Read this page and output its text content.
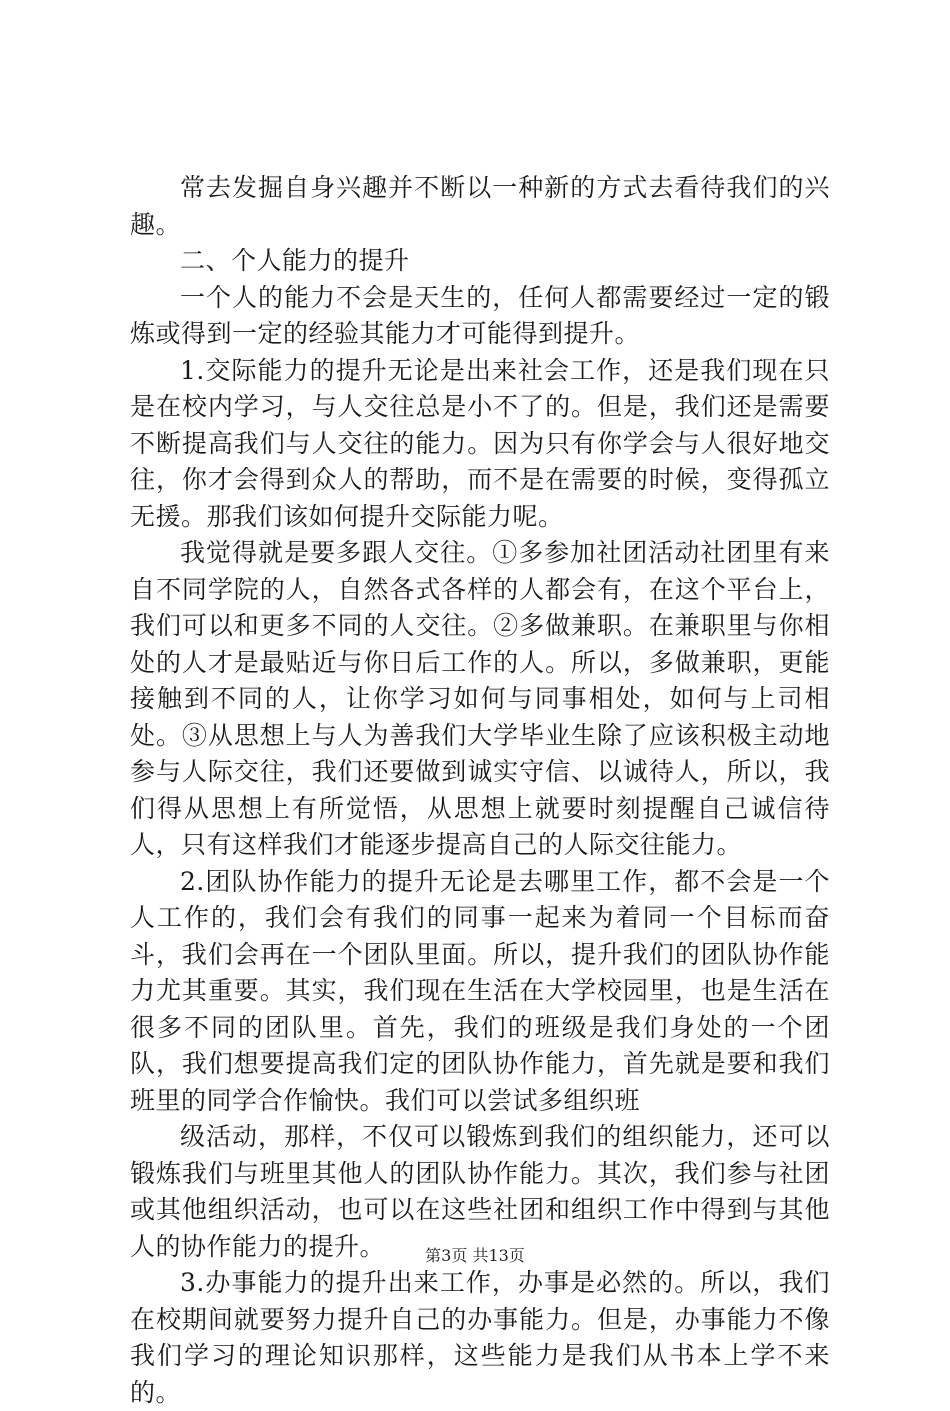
常去发掘自身兴趣并不断以一种新的方式去看待我们的兴趣。

二、个人能力的提升

一个人的能力不会是天生的，任何人都需要经过一定的锻炼或得到一定的经验其能力才可能得到提升。

1.交际能力的提升无论是出来社会工作，还是我们现在只是在校内学习，与人交往总是小不了的。但是，我们还是需要不断提高我们与人交往的能力。因为只有你学会与人很好地交往，你才会得到众人的帮助，而不是在需要的时候，变得孤立无援。那我们该如何提升交际能力呢。

我觉得就是要多跟人交往。①多参加社团活动社团里有来自不同学院的人，自然各式各样的人都会有，在这个平台上，我们可以和更多不同的人交往。②多做兼职。在兼职里与你相处的人才是最贴近与你日后工作的人。所以，多做兼职，更能接触到不同的人，让你学习如何与同事相处，如何与上司相处。③从思想上与人为善我们大学毕业生除了应该积极主动地参与人际交往，我们还要做到诚实守信、以诚待人，所以，我们得从思想上有所觉悟，从思想上就要时刻提醒自己诚信待人，只有这样我们才能逐步提高自己的人际交往能力。

2.团队协作能力的提升无论是去哪里工作，都不会是一个人工作的，我们会有我们的同事一起来为着同一个目标而奋斗，我们会再在一个团队里面。所以，提升我们的团队协作能力尤其重要。其实，我们现在生活在大学校园里，也是生活在很多不同的团队里。首先，我们的班级是我们身处的一个团队，我们想要提高我们定的团队协作能力，首先就是要和我们班里的同学合作愉快。我们可以尝试多组织班

级活动，那样，不仅可以锻炼到我们的组织能力，还可以锻炼我们与班里其他人的团队协作能力。其次，我们参与社团或其他组织活动，也可以在这些社团和组织工作中得到与其他人的协作能力的提升。

3.办事能力的提升出来工作，办事是必然的。所以，我们在校期间就要努力提升自己的办事能力。但是，办事能力不像我们学习的理论知识那样，这些能力是我们从书本上学不来的。

第3页 共13页
